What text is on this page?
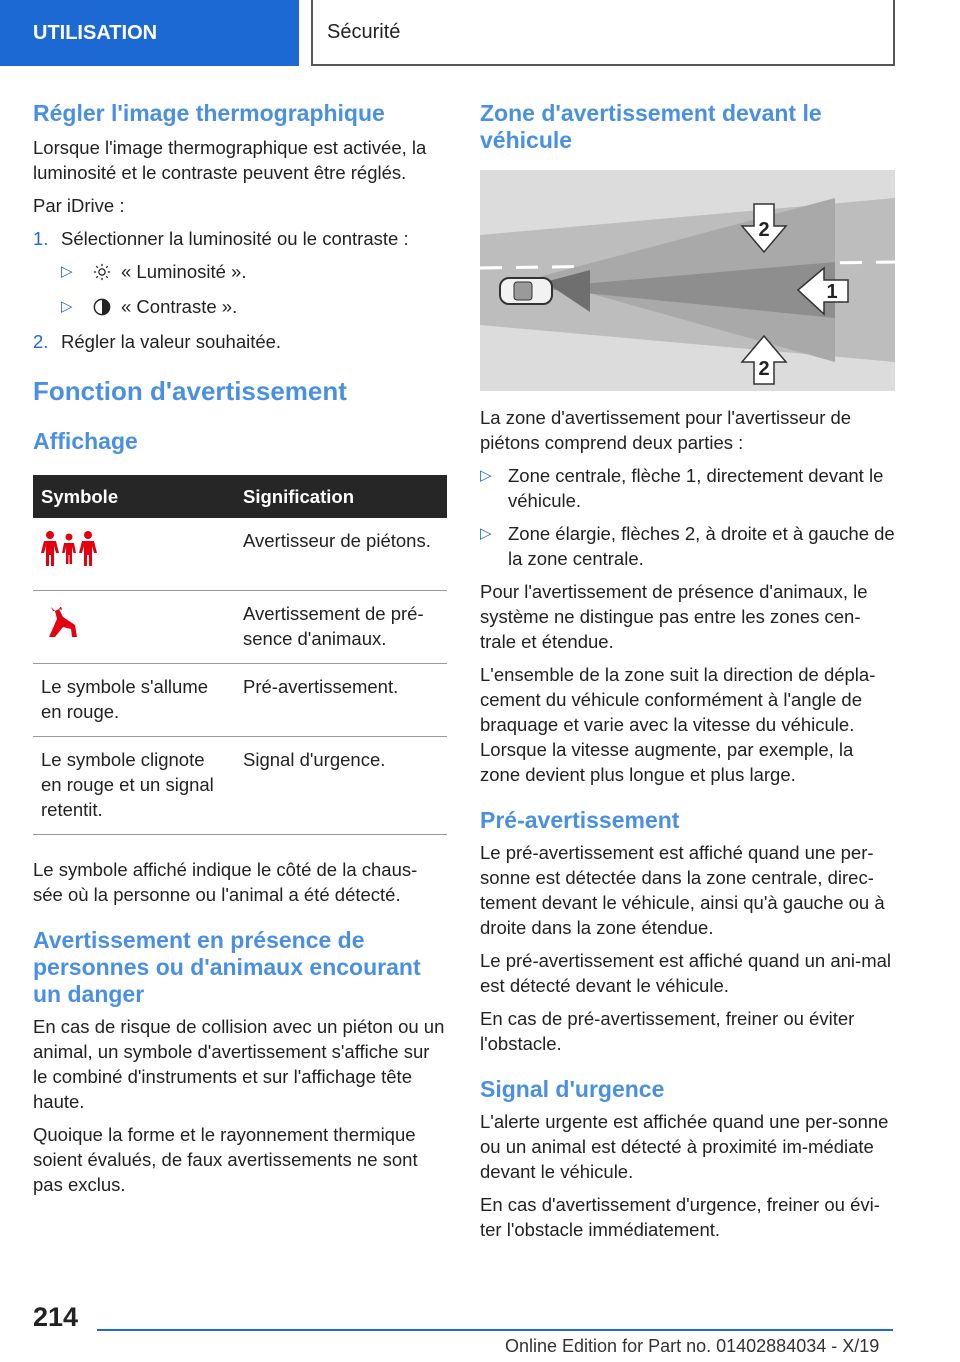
UTILISATION	Sécurité
Régler l'image thermographique

Lorsque l'image thermographique est activée, la luminosité et le contraste peuvent être réglés.

Par iDrive :

1. Sélectionner la luminosité ou le contraste :
▷	« Luminosité ».
▷	« Contraste ».
2. Régler la valeur souhaitée.
Fonction d'avertissement
Affichage
Symbole	Signification
	Avertisseur de piétons.
	Avertissement de pré-sence d'animaux.
Le symbole s'allume en rouge.	Pré-avertissement.
Le symbole clignote en rouge et un signal retentit.	Signal d'urgence.

Le symbole affiché indique le côté de la chaus-sée où la personne ou l'animal a été détecté.

Avertissement en présence de personnes ou d'animaux encourant un danger

En cas de risque de collision avec un piéton ou un animal, un symbole d'avertissement s'affiche sur le combiné d'instruments et sur l'affichage tête haute.

Quoique la forme et le rayonnement thermique soient évalués, de faux avertissements ne sont pas exclus.

Zone d'avertissement devant le véhicule
2
1
2

La zone d'avertissement pour l'avertisseur de piétons comprend deux parties :

▷ Zone centrale, flèche 1, directement devant le véhicule.
▷ Zone élargie, flèches 2, à droite et à gauche de la zone centrale.

Pour l'avertissement de présence d'animaux, le système ne distingue pas entre les zones cen-trale et étendue.

L'ensemble de la zone suit la direction de dépla-cement du véhicule conformément à l'angle de braquage et varie avec la vitesse du véhicule. Lorsque la vitesse augmente, par exemple, la zone devient plus longue et plus large.

Pré-avertissement

Le pré-avertissement est affiché quand une per-sonne est détectée dans la zone centrale, direc-tement devant le véhicule, ainsi qu'à gauche ou à droite dans la zone étendue.

Le pré-avertissement est affiché quand un ani-mal est détecté devant le véhicule.

En cas de pré-avertissement, freiner ou éviter l'obstacle.

Signal d'urgence

L'alerte urgente est affichée quand une per-sonne ou un animal est détecté à proximité im-médiate devant le véhicule.

En cas d'avertissement d'urgence, freiner ou évi-ter l'obstacle immédiatement.

214
Online Edition for Part no. 01402884034 - X/19
